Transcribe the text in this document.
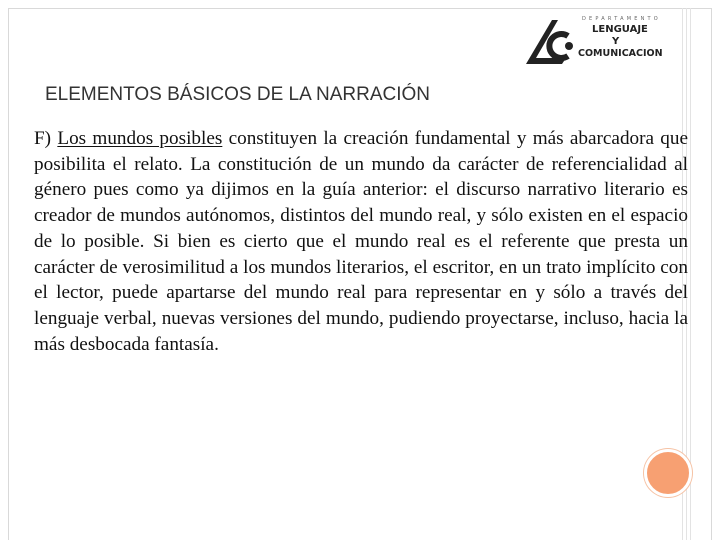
DEPARTAMENTO
LENGUAJE
Y
COMUNICACION
ELEMENTOS BÁSICOS DE LA NARRACIÓN
F) Los mundos posibles constituyen la creación fundamental y más abarcadora que posibilita el relato. La constitución de un mundo da carácter de referencialidad al género pues como ya dijimos en la guía anterior: el discurso narrativo literario es creador de mundos autónomos, distintos del mundo real, y sólo existen en el espacio de lo posible. Si bien es cierto que el mundo real es el referente que presta un carácter de verosimilitud a los mundos literarios, el escritor, en un trato implícito con el lector, puede apartarse del mundo real para representar en y sólo a través del lenguaje verbal, nuevas versiones del mundo, pudiendo proyectarse, incluso, hacia la más desbocada fantasía.
